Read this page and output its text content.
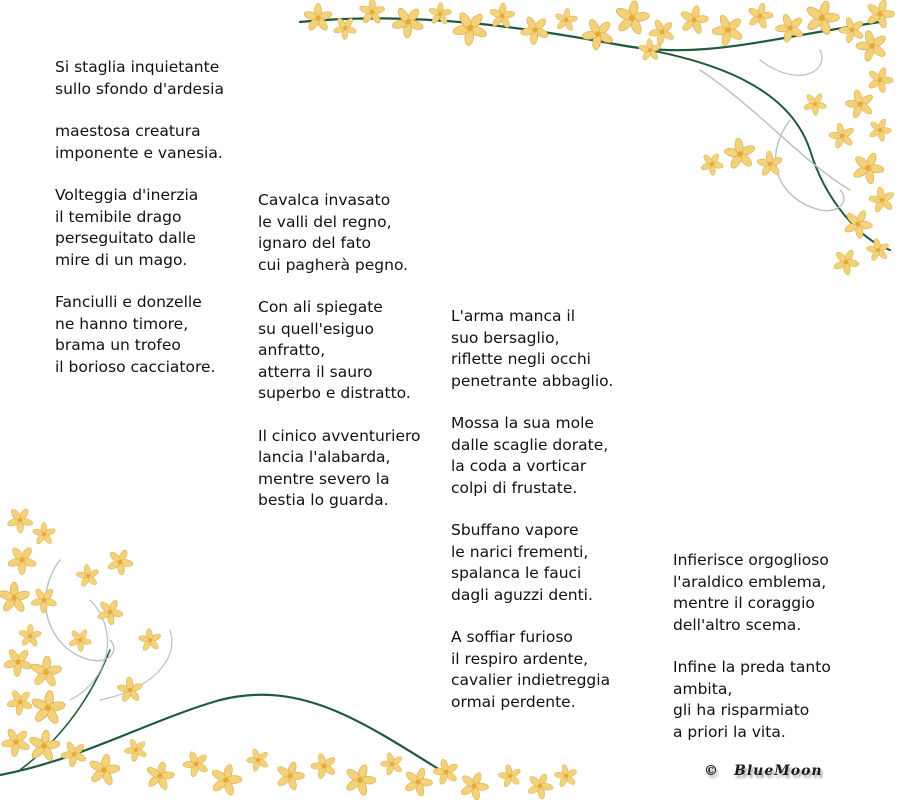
Si staglia inquietante
sullo sfondo d'ardesia
maestosa creatura
imponente e vanesia.
Volteggia d'inerzia
il temibile drago
perseguitato dalle
mire di un mago.
Fanciulli e donzelle
ne hanno timore,
brama un trofeo
il borioso cacciatore.
Cavalca invasato
le valli del regno,
ignaro del fato
cui pagherà pegno.
Con ali spiegate
su quell'esiguo
anfratto,
atterra il sauro
superbo e distratto.
Il cinico avventuriero
lancia l'alabarda,
mentre severo la
bestia lo guarda.
L'arma manca il
suo bersaglio,
riflette negli occhi
penetrante abbaglio.
Mossa la sua mole
dalle scaglie dorate,
la coda a vorticar
colpi di frustate.
Sbuffano vapore
le narici frementi,
spalanca le fauci
dagli aguzzi denti.
A soffiar furioso
il respiro ardente,
cavalier indietreggia
ormai perdente.
Infierisce orgoglioso
l'araldico emblema,
mentre il coraggio
dell'altro scema.
Infine la preda tanto
ambita,
gli ha risparmiato
a priori la vita.
© BlueMoon
